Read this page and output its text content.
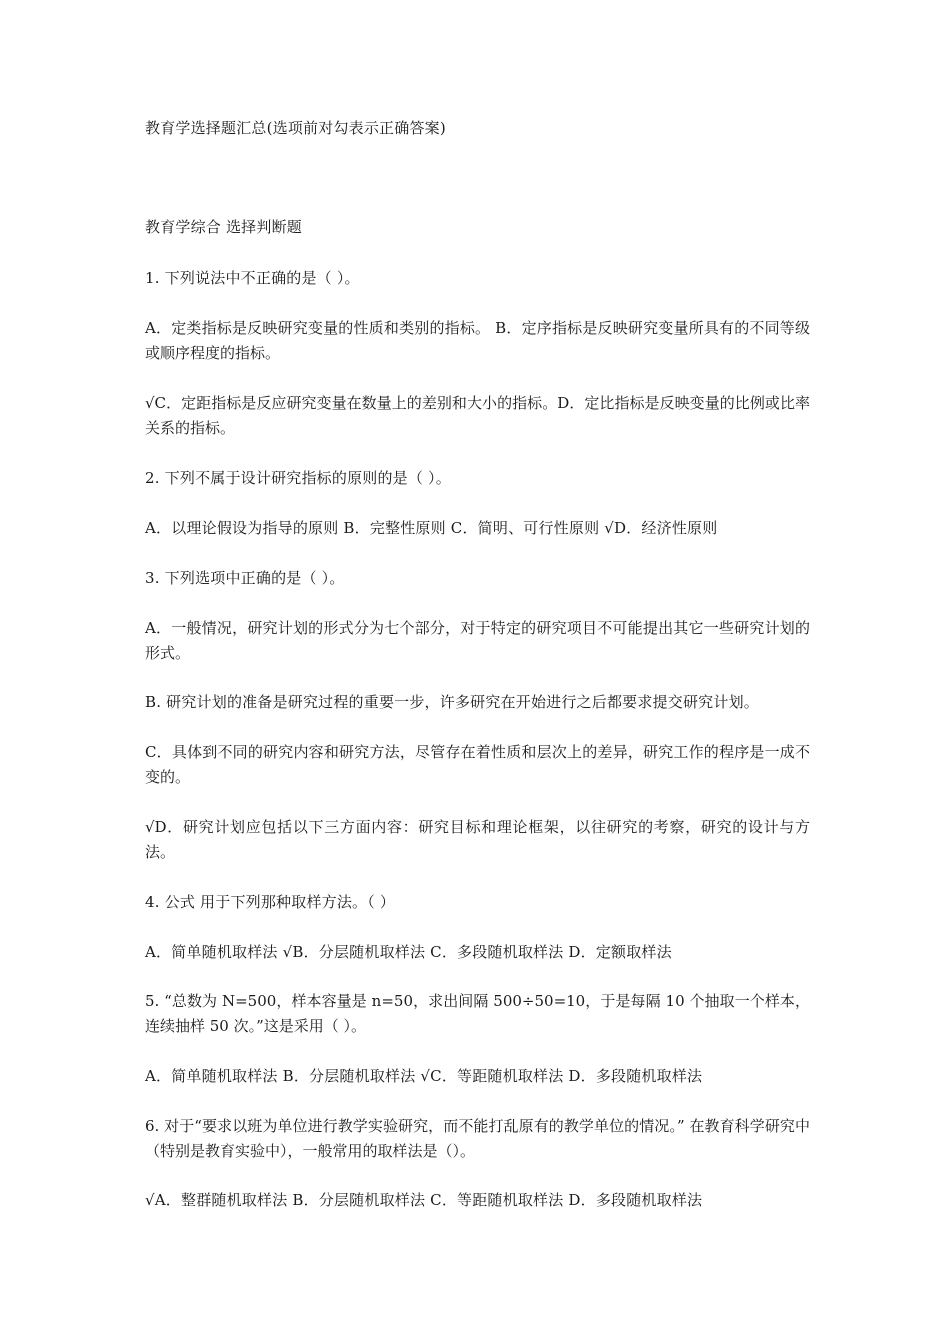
教育学选择题汇总(选项前对勾表示正确答案)
教育学综合 选择判断题
1. 下列说法中不正确的是（ ）。
A．定类指标是反映研究变量的性质和类别的指标。 B．定序指标是反映研究变量所具有的不同等级或顺序程度的指标。
√C．定距指标是反应研究变量在数量上的差别和大小的指标。D．定比指标是反映变量的比例或比率关系的指标。
2. 下列不属于设计研究指标的原则的是（ ）。
A．以理论假设为指导的原则 B．完整性原则 C．简明、可行性原则 √D．经济性原则
3. 下列选项中正确的是（ ）。
A．一般情况，研究计划的形式分为七个部分，对于特定的研究项目不可能提出其它一些研究计划的形式。
B. 研究计划的准备是研究过程的重要一步，许多研究在开始进行之后都要求提交研究计划。
C．具体到不同的研究内容和研究方法，尽管存在着性质和层次上的差异，研究工作的程序是一成不变的。
√D．研究计划应包括以下三方面内容：研究目标和理论框架，以往研究的考察，研究的设计与方法。
4. 公式 用于下列那种取样方法。（ ）
A．简单随机取样法 √B．分层随机取样法 C．多段随机取样法 D．定额取样法
5. “总数为 N=500，样本容量是 n=50，求出间隔 500÷50=10，于是每隔 10 个抽取一个样本，连续抽样 50 次。”这是采用（ ）。
A．简单随机取样法 B．分层随机取样法 √C．等距随机取样法 D．多段随机取样法
6. 对于“要求以班为单位进行教学实验研究，而不能打乱原有的教学单位的情况。” 在教育科学研究中（特别是教育实验中），一般常用的取样法是（）。
√A．整群随机取样法 B．分层随机取样法 C．等距随机取样法 D．多段随机取样法
